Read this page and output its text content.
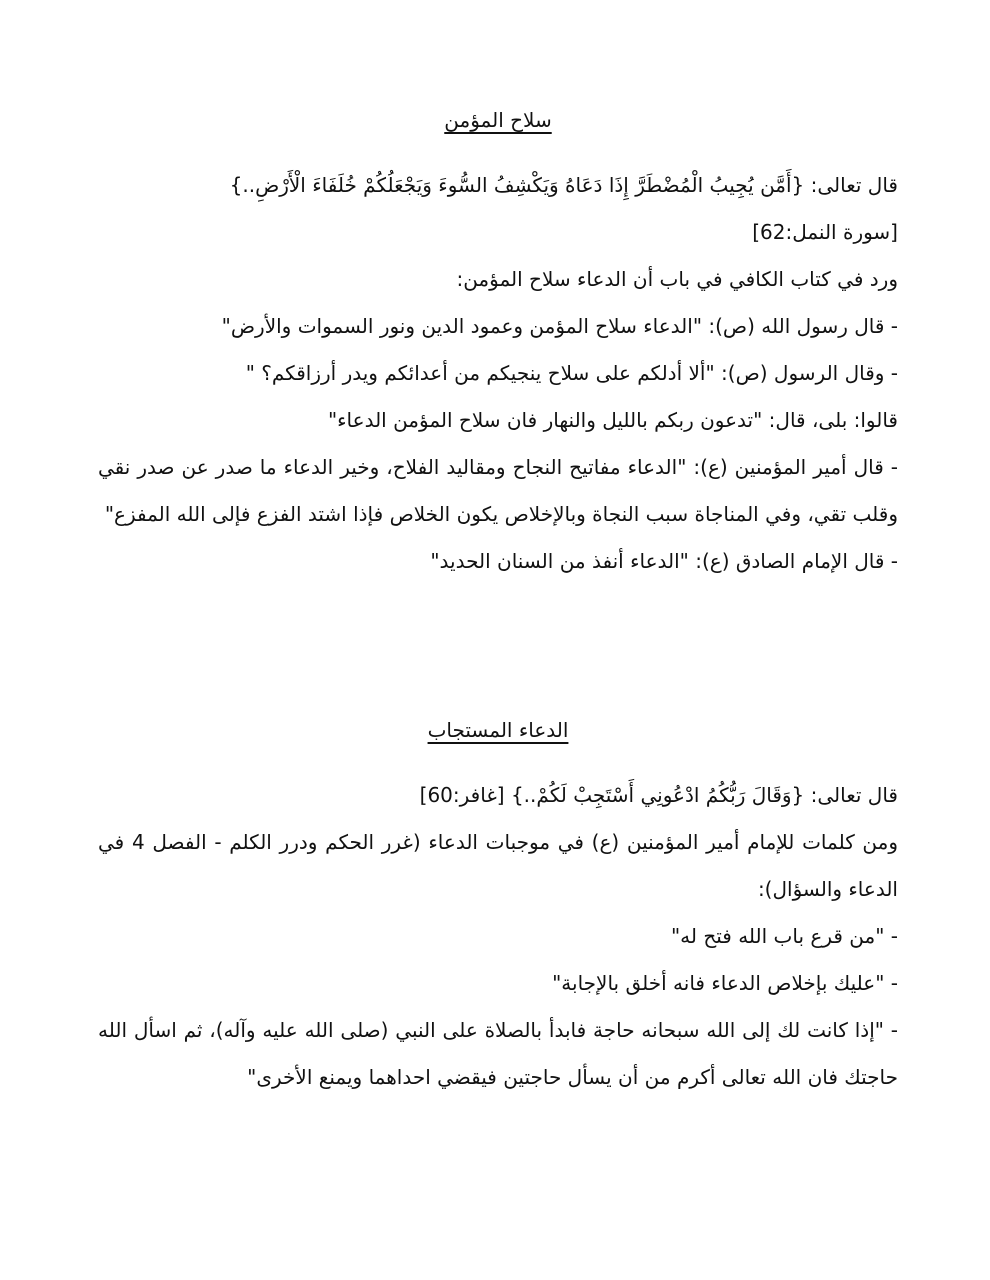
سلاح المؤمن

قال تعالى: {أَمَّن يُجِيبُ الْمُضْطَرَّ إِذَا دَعَاهُ وَيَكْشِفُ السُّوءَ وَيَجْعَلُكُمْ خُلَفَاءَ الْأَرْضِ..}

[سورة النمل:62]

ورد في كتاب الكافي في باب أن الدعاء سلاح المؤمن:

- قال رسول الله (ص): "الدعاء سلاح المؤمن وعمود الدين ونور السموات والأرض"

- وقال الرسول (ص): "ألا أدلكم على سلاح ينجيكم من أعدائكم ويدر أرزاقكم؟ "

قالوا: بلى، قال: "تدعون ربكم بالليل والنهار فان سلاح المؤمن الدعاء"

- قال أمير المؤمنين (ع): "الدعاء مفاتيح النجاح ومقاليد الفلاح، وخير الدعاء ما صدر عن صدر نقي وقلب تقي، وفي المناجاة سبب النجاة وبالإخلاص يكون الخلاص فإذا اشتد الفزع فإلى الله المفزع"

- قال الإمام الصادق (ع): "الدعاء أنفذ من السنان الحديد"

الدعاء المستجاب

قال تعالى: {وَقَالَ رَبُّكُمُ ادْعُونِي أَسْتَجِبْ لَكُمْ..} [غافر:60]

ومن كلمات للإمام أمير المؤمنين (ع) في موجبات الدعاء (غرر الحكم ودرر الكلم - الفصل 4 في الدعاء والسؤال):

- "من قرع باب الله فتح له"

- "عليك بإخلاص الدعاء فانه أخلق بالإجابة"

- "إذا كانت لك إلى الله سبحانه حاجة فابدأ بالصلاة على النبي (صلى الله عليه وآله)، ثم اسأل الله حاجتك فان الله تعالى أكرم من أن يسأل حاجتين فيقضي احداهما ويمنع الأخرى"
